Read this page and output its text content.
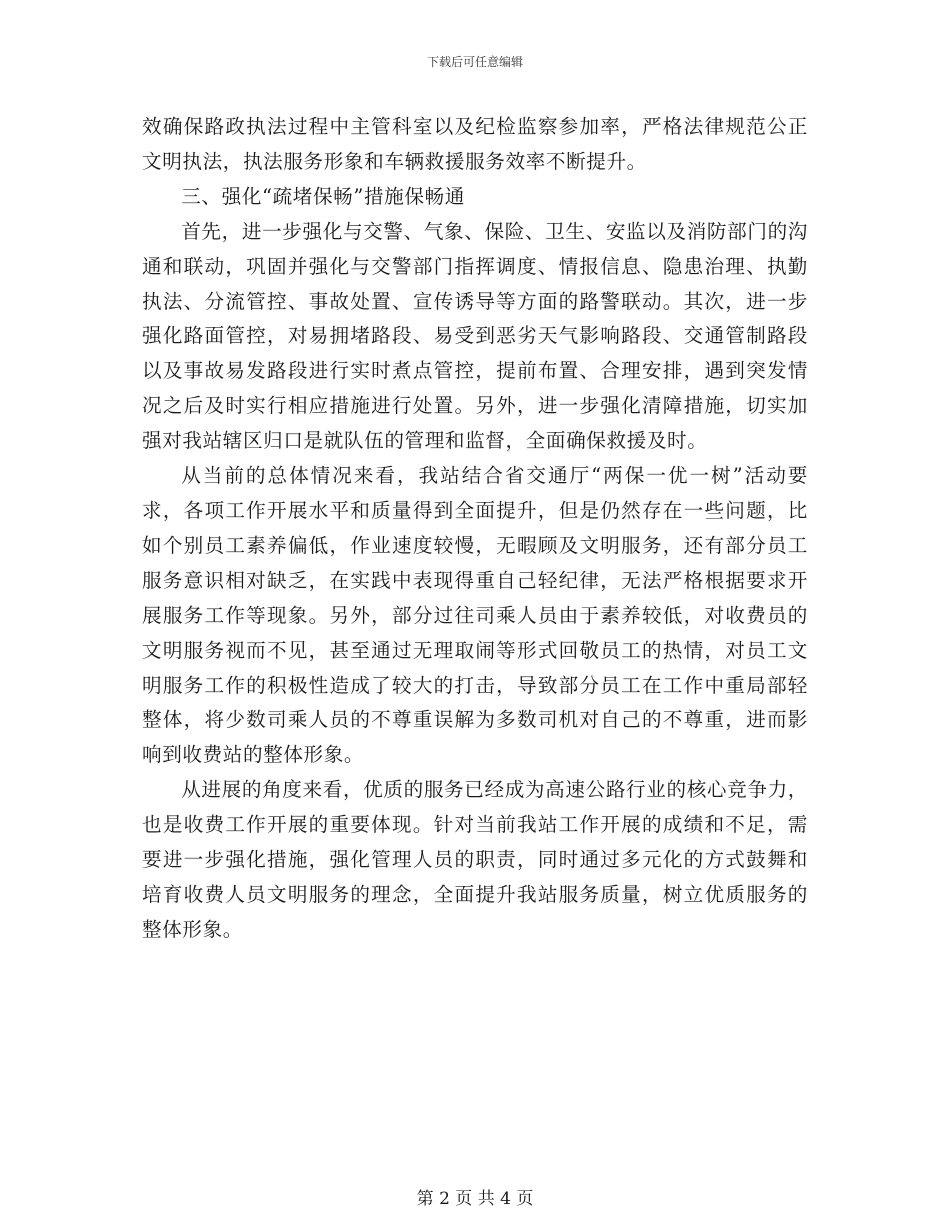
下载后可任意编辑

效确保路政执法过程中主管科室以及纪检监察参加率，严格法律规范公正文明执法，执法服务形象和车辆救援服务效率不断提升。

三、强化“疏堵保畅”措施保畅通

首先，进一步强化与交警、气象、保险、卫生、安监以及消防部门的沟通和联动，巩固并强化与交警部门指挥调度、情报信息、隐患治理、执勤执法、分流管控、事故处置、宣传诱导等方面的路警联动。其次，进一步强化路面管控，对易拥堵路段、易受到恶劣天气影响路段、交通管制路段以及事故易发路段进行实时煮点管控，提前布置、合理安排，遇到突发情况之后及时实行相应措施进行处置。另外，进一步强化清障措施，切实加强对我站辖区归口是就队伍的管理和监督，全面确保救援及时。

从当前的总体情况来看，我站结合省交通厅“两保一优一树”活动要求，各项工作开展水平和质量得到全面提升，但是仍然存在一些问题，比如个别员工素养偏低，作业速度较慢，无暇顾及文明服务，还有部分员工服务意识相对缺乏，在实践中表现得重自己轻纪律，无法严格根据要求开展服务工作等现象。另外，部分过往司乘人员由于素养较低，对收费员的文明服务视而不见，甚至通过无理取闹等形式回敬员工的热情，对员工文明服务工作的积极性造成了较大的打击，导致部分员工在工作中重局部轻整体，将少数司乘人员的不尊重误解为多数司机对自己的不尊重，进而影响到收费站的整体形象。

从进展的角度来看，优质的服务已经成为高速公路行业的核心竞争力，也是收费工作开展的重要体现。针对当前我站工作开展的成绩和不足，需要进一步强化措施，强化管理人员的职责，同时通过多元化的方式鼓舞和培育收费人员文明服务的理念，全面提升我站服务质量，树立优质服务的整体形象。

第 2 页 共 4 页
